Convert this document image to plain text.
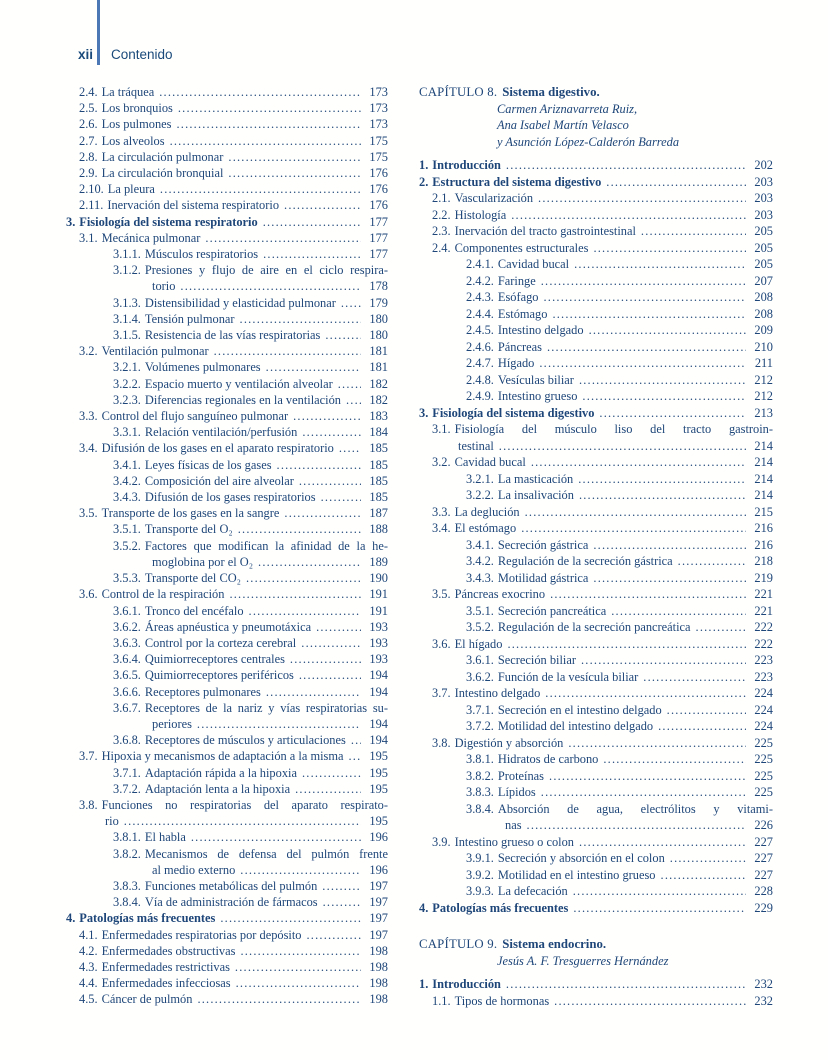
xii Contenido
2.4. La tráquea .....	173
2.5. Los bronquios .....	173
2.6. Los pulmones .....	173
2.7. Los alveolos .....	175
2.8. La circulación pulmonar .....	175
2.9. La circulación bronquial .....	176
2.10. La pleura .....	176
2.11. Inervación del sistema respiratorio .....	176
3. Fisiología del sistema respiratorio .....	177
3.1. Mecánica pulmonar .....	177
3.1.1. Músculos respiratorios .....	177
3.1.2. Presiones y flujo de aire en el ciclo respira-
torio .....	178
3.1.3. Distensibilidad y elasticidad pulmonar .....	179
3.1.4. Tensión pulmonar .....	180
3.1.5. Resistencia de las vías respiratorias .....	180
3.2. Ventilación pulmonar .....	181
3.2.1. Volúmenes pulmonares .....	181
3.2.2. Espacio muerto y ventilación alveolar .....	182
3.2.3. Diferencias regionales en la ventilación .....	182
3.3. Control del flujo sanguíneo pulmonar .....	183
3.3.1. Relación ventilación/perfusión .....	184
3.4. Difusión de los gases en el aparato respiratorio .....	185
3.4.1. Leyes físicas de los gases .....	185
3.4.2. Composición del aire alveolar .....	185
3.4.3. Difusión de los gases respiratorios .....	185
3.5. Transporte de los gases en la sangre .....	187
3.5.1. Transporte del O₂ .....	188
3.5.2. Factores que modifican la afinidad de la he-
moglobina por el O₂ .....	189
3.5.3. Transporte del CO₂ .....	190
3.6. Control de la respiración .....	191
3.6.1. Tronco del encéfalo .....	191
3.6.2. Áreas apnéustica y pneumotáxica .....	193
3.6.3. Control por la corteza cerebral .....	193
3.6.4. Quimiorreceptores centrales .....	193
3.6.5. Quimiorreceptores periféricos .....	194
3.6.6. Receptores pulmonares .....	194
3.6.7. Receptores de la nariz y vías respiratorias su-
periores .....	194
3.6.8. Receptores de músculos y articulaciones .....	194
3.7. Hipoxia y mecanismos de adaptación a la misma .....	195
3.7.1. Adaptación rápida a la hipoxia .....	195
3.7.2. Adaptación lenta a la hipoxia .....	195
3.8. Funciones no respiratorias del aparato respirato-
rio .....	195
3.8.1. El habla .....	196
3.8.2. Mecanismos de defensa del pulmón frente
al medio externo .....	196
3.8.3. Funciones metabólicas del pulmón .....	197
3.8.4. Vía de administración de fármacos .....	197
4. Patologías más frecuentes .....	197
4.1. Enfermedades respiratorias por depósito .....	197
4.2. Enfermedades obstructivas .....	198
4.3. Enfermedades restrictivas .....	198
4.4. Enfermedades infecciosas .....	198
4.5. Cáncer de pulmón .....	198
CAPÍTULO 8. Sistema digestivo.
Carmen Ariznavarreta Ruiz,
Ana Isabel Martín Velasco
y Asunción López-Calderón Barreda
1. Introducción .....	202
2. Estructura del sistema digestivo .....	203
2.1. Vascularización .....	203
2.2. Histología .....	203
2.3. Inervación del tracto gastrointestinal .....	205
2.4. Componentes estructurales .....	205
2.4.1. Cavidad bucal .....	205
2.4.2. Faringe .....	207
2.4.3. Esófago .....	208
2.4.4. Estómago .....	208
2.4.5. Intestino delgado .....	209
2.4.6. Páncreas .....	210
2.4.7. Hígado .....	211
2.4.8. Vesículas biliar .....	212
2.4.9. Intestino grueso .....	212
3. Fisiología del sistema digestivo .....	213
3.1. Fisiología del músculo liso del tracto gastroin-
testinal .....	214
3.2. Cavidad bucal .....	214
3.2.1. La masticación .....	214
3.2.2. La insalivación .....	214
3.3. La deglución .....	215
3.4. El estómago .....	216
3.4.1. Secreción gástrica .....	216
3.4.2. Regulación de la secreción gástrica .....	218
3.4.3. Motilidad gástrica .....	219
3.5. Páncreas exocrino .....	221
3.5.1. Secreción pancreática .....	221
3.5.2. Regulación de la secreción pancreática .....	222
3.6. El hígado .....	222
3.6.1. Secreción biliar .....	223
3.6.2. Función de la vesícula biliar .....	223
3.7. Intestino delgado .....	224
3.7.1. Secreción en el intestino delgado .....	224
3.7.2. Motilidad del intestino delgado .....	224
3.8. Digestión y absorción .....	225
3.8.1. Hidratos de carbono .....	225
3.8.2. Proteínas .....	225
3.8.3. Lípidos .....	225
3.8.4. Absorción de agua, electrólitos y vitami-
nas .....	226
3.9. Intestino grueso o colon .....	227
3.9.1. Secreción y absorción en el colon .....	227
3.9.2. Motilidad en el intestino grueso .....	227
3.9.3. La defecación .....	228
4. Patologías más frecuentes .....	229
CAPÍTULO 9. Sistema endocrino.
Jesús A. F. Tresguerres Hernández
1. Introducción .....	232
1.1. Tipos de hormonas .....	232
